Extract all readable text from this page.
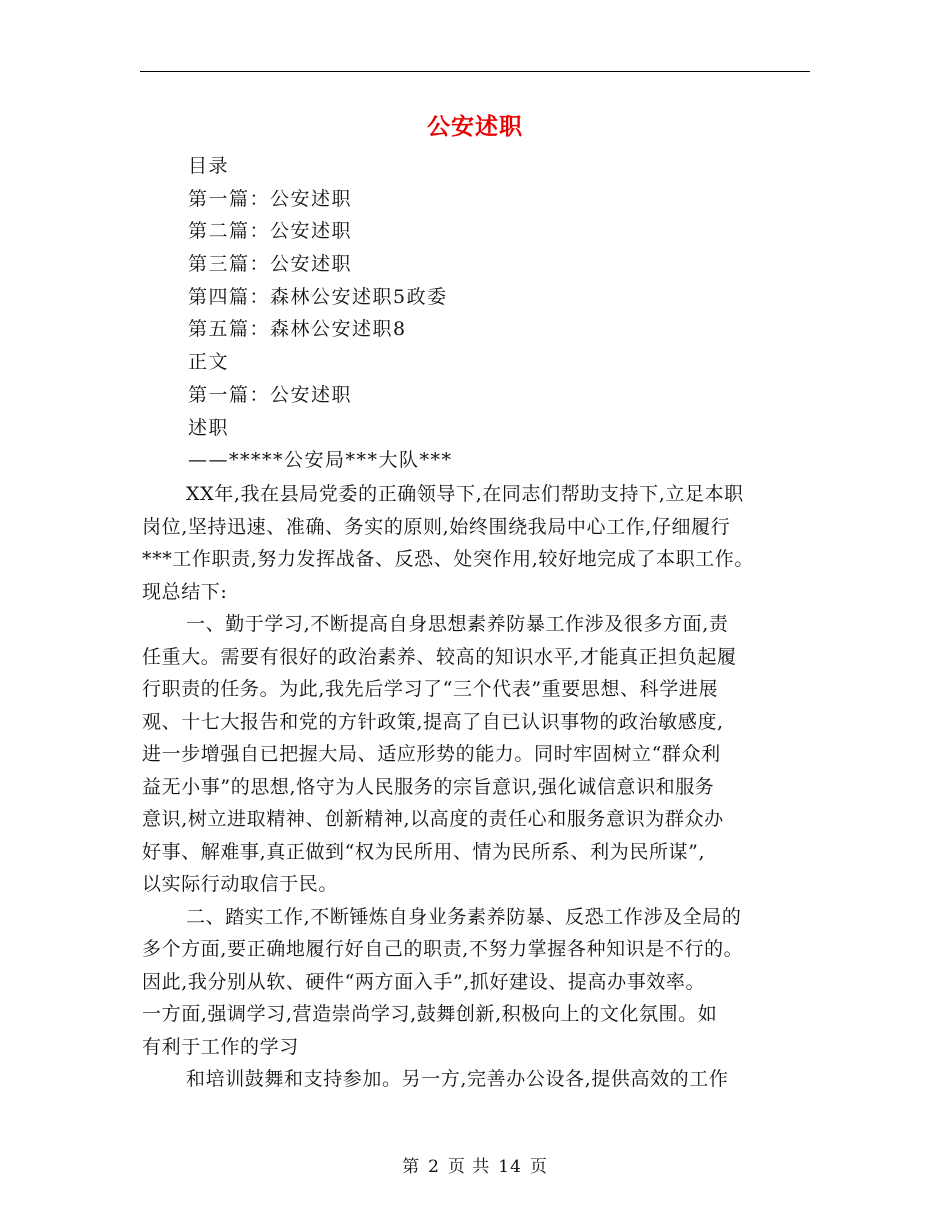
公安述职
目录
第一篇：公安述职
第二篇：公安述职
第三篇：公安述职
第四篇：森林公安述职5政委
第五篇：森林公安述职8
正文
第一篇：公安述职
述职
——*****公安局***大队***
XX年,我在县局党委的正确领导下,在同志们帮助支持下,立足本职
岗位,坚持迅速、准确、务实的原则,始终围绕我局中心工作,仔细履行
***工作职责,努力发挥战备、反恐、处突作用,较好地完成了本职工作。
现总结下:
一、勤于学习,不断提高自身思想素养防暴工作涉及很多方面,责
任重大。需要有很好的政治素养、较高的知识水平,才能真正担负起履
行职责的任务。为此,我先后学习了“三个代表”重要思想、科学进展
观、十七大报告和党的方针政策,提高了自已认识事物的政治敏感度,
进一步增强自已把握大局、适应形势的能力。同时牢固树立“群众利
益无小事”的思想,恪守为人民服务的宗旨意识,强化诚信意识和服务
意识,树立进取精神、创新精神,以高度的责任心和服务意识为群众办
好事、解难事,真正做到“权为民所用、情为民所系、利为民所谋”,
以实际行动取信于民。
二、踏实工作,不断锤炼自身业务素养防暴、反恐工作涉及全局的
多个方面,要正确地履行好自己的职责,不努力掌握各种知识是不行的。
因此,我分别从软、硬件“两方面入手”,抓好建设、提高办事效率。
一方面,强调学习,营造崇尚学习,鼓舞创新,积极向上的文化氛围。如
有利于工作的学习
和培训鼓舞和支持参加。另一方,完善办公设各,提供高效的工作
第 2 页 共 14 页
